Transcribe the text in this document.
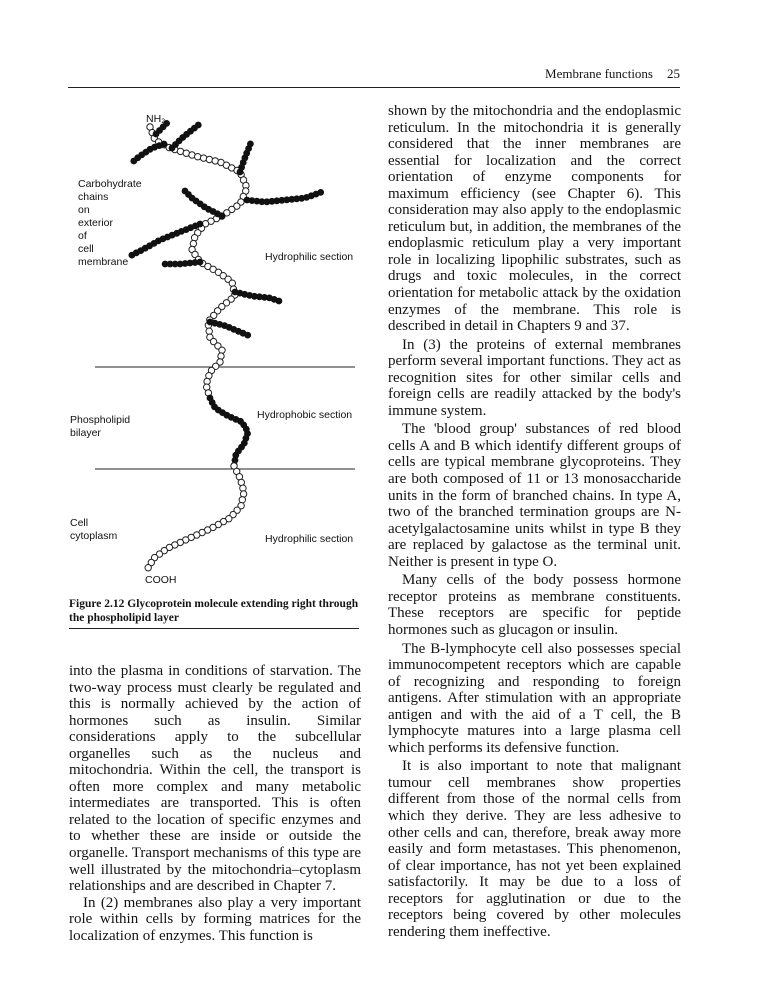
Membrane functions 25
NH₂
COOH
Carbohydrate
chains
on
exterior
of
cell
membrane	Hydrophilic section
Hydrophobic section
Hydrophilic section
Phospholipid
bilayer
Cell
cytoplasm
Figure 2.12 Glycoprotein molecule extending right through the phospholipid layer

into the plasma in conditions of starvation. The two-way process must clearly be regulated and this is normally achieved by the action of hormones such as insulin. Similar considerations apply to the subcellular organelles such as the nucleus and mitochondria. Within the cell, the transport is often more complex and many metabolic intermediates are transported. This is often related to the location of specific enzymes and to whether these are inside or outside the organelle. Transport mechanisms of this type are well illustrated by the mitochondria–cytoplasm relationships and are described in Chapter 7.

In (2) membranes also play a very important role within cells by forming matrices for the localization of enzymes. This function is

shown by the mitochondria and the endoplasmic reticulum. In the mitochondria it is generally considered that the inner membranes are essential for localization and the correct orientation of enzyme components for maximum efficiency (see Chapter 6). This consideration may also apply to the endoplasmic reticulum but, in addition, the membranes of the endoplasmic reticulum play a very important role in localizing lipophilic substrates, such as drugs and toxic molecules, in the correct orientation for metabolic attack by the oxidation enzymes of the membrane. This role is described in detail in Chapters 9 and 37.

In (3) the proteins of external membranes perform several important functions. They act as recognition sites for other similar cells and foreign cells are readily attacked by the body's immune system.

The 'blood group' substances of red blood cells A and B which identify different groups of cells are typical membrane glycoproteins. They are both composed of 11 or 13 monosaccharide units in the form of branched chains. In type A, two of the branched termination groups are N-acetylgalactosamine units whilst in type B they are replaced by galactose as the terminal unit. Neither is present in type O.

Many cells of the body possess hormone receptor proteins as membrane constituents. These receptors are specific for peptide hormones such as glucagon or insulin.

The B-lymphocyte cell also possesses special immunocompetent receptors which are capable of recognizing and responding to foreign antigens. After stimulation with an appropriate antigen and with the aid of a T cell, the B lymphocyte matures into a large plasma cell which performs its defensive function.

It is also important to note that malignant tumour cell membranes show properties different from those of the normal cells from which they derive. They are less adhesive to other cells and can, therefore, break away more easily and form metastases. This phenomenon, of clear importance, has not yet been explained satisfactorily. It may be due to a loss of receptors for agglutination or due to the receptors being covered by other molecules rendering them ineffective.
